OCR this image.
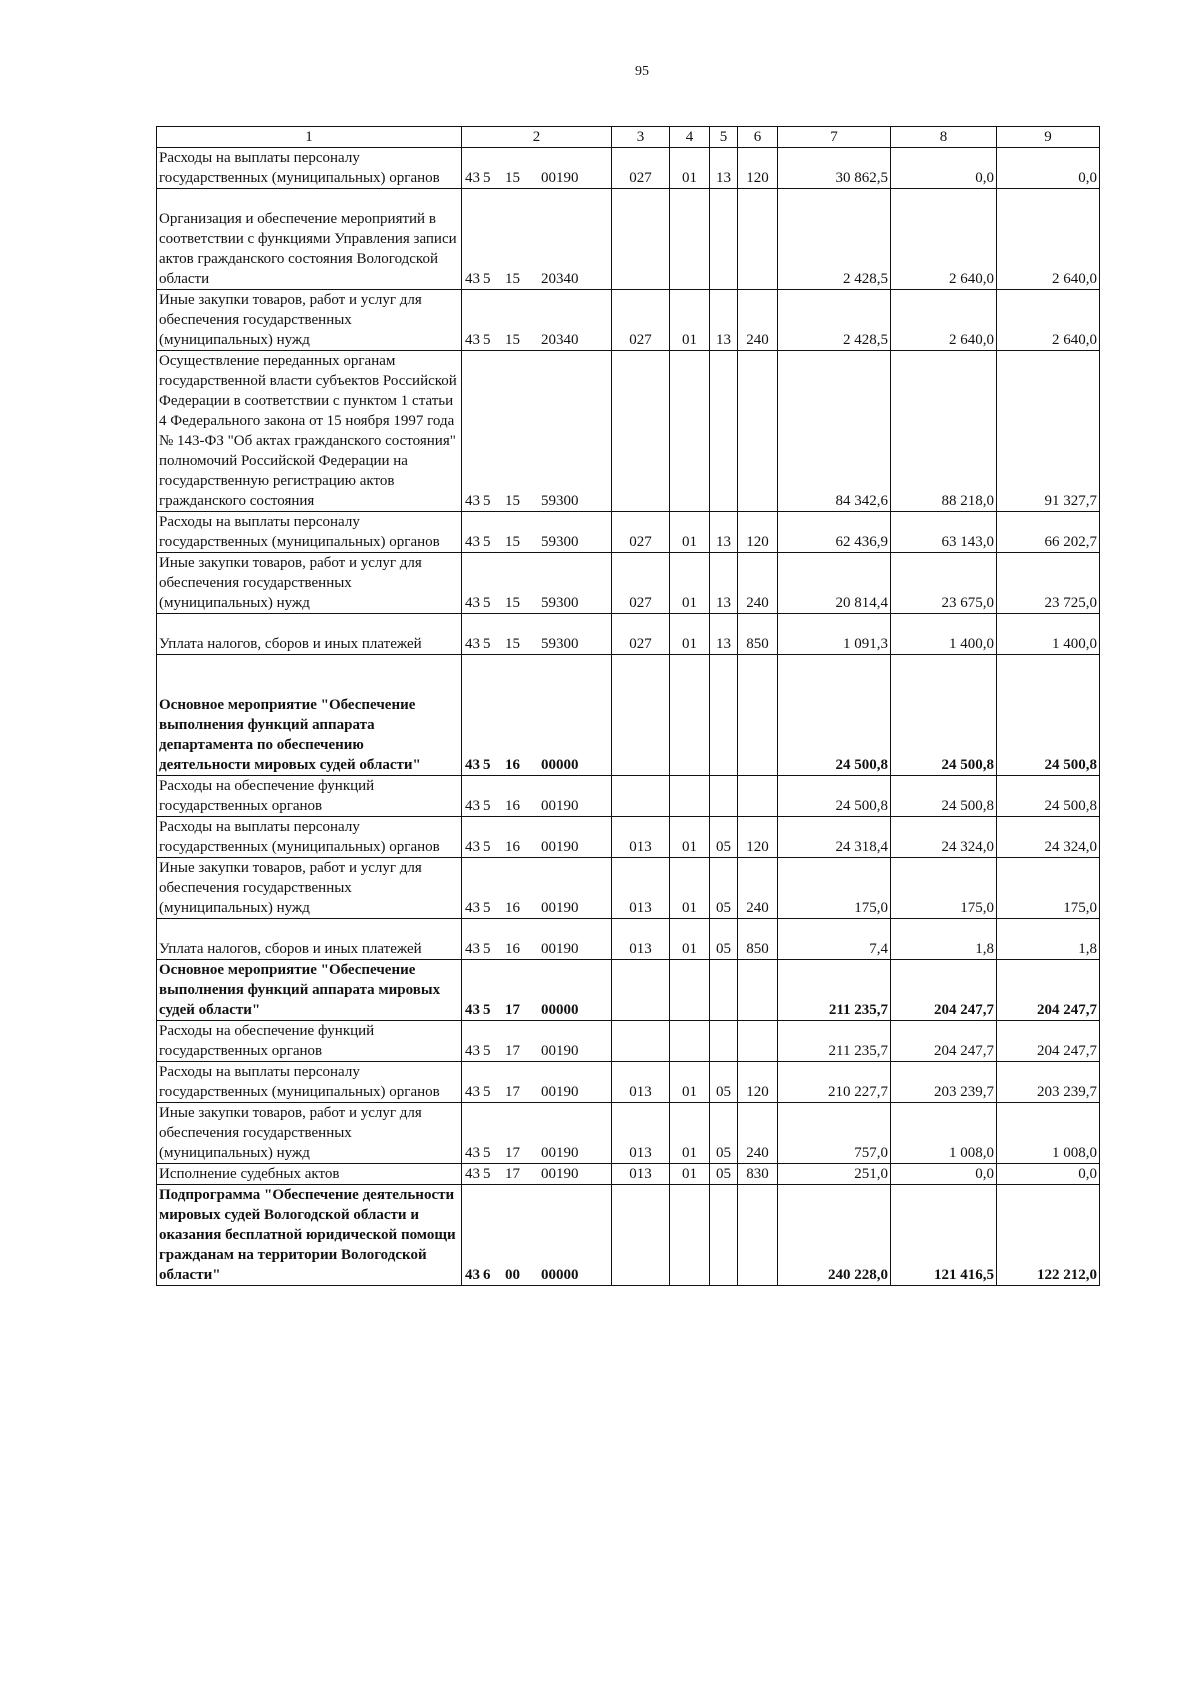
95
1	2	3	4	5	6	7	8	9
Расходы на выплаты персоналу государственных (муниципальных) органов	43 5 15 00190	027	01	13	120	30 862,5	0,0	0,0
Организация и обеспечение мероприятий в соответствии с функциями Управления записи актов гражданского состояния Вологодской области	43 5 15 20340					2 428,5	2 640,0	2 640,0
Иные закупки товаров, работ и услуг для обеспечения государственных (муниципальных) нужд	43 5 15 20340	027	01	13	240	2 428,5	2 640,0	2 640,0
Осуществление переданных органам государственной власти субъектов Российской Федерации в соответствии с пунктом 1 статьи 4 Федерального закона от 15 ноября 1997 года № 143-ФЗ "Об актах гражданского состояния" полномочий Российской Федерации на государственную регистрацию актов гражданского состояния	43 5 15 59300					84 342,6	88 218,0	91 327,7
Расходы на выплаты персоналу государственных (муниципальных) органов	43 5 15 59300	027	01	13	120	62 436,9	63 143,0	66 202,7
Иные закупки товаров, работ и услуг для обеспечения государственных (муниципальных) нужд	43 5 15 59300	027	01	13	240	20 814,4	23 675,0	23 725,0
Уплата налогов, сборов и иных платежей	43 5 15 59300	027	01	13	850	1 091,3	1 400,0	1 400,0
Основное мероприятие "Обеспечение выполнения функций аппарата департамента по обеспечению деятельности мировых судей области"	43 5 16 00000					24 500,8	24 500,8	24 500,8
Расходы на обеспечение функций государственных органов	43 5 16 00190					24 500,8	24 500,8	24 500,8
Расходы на выплаты персоналу государственных (муниципальных) органов	43 5 16 00190	013	01	05	120	24 318,4	24 324,0	24 324,0
Иные закупки товаров, работ и услуг для обеспечения государственных (муниципальных) нужд	43 5 16 00190	013	01	05	240	175,0	175,0	175,0
Уплата налогов, сборов и иных платежей	43 5 16 00190	013	01	05	850	7,4	1,8	1,8
Основное мероприятие "Обеспечение выполнения функций аппарата мировых судей области"	43 5 17 00000					211 235,7	204 247,7	204 247,7
Расходы на обеспечение функций государственных органов	43 5 17 00190					211 235,7	204 247,7	204 247,7
Расходы на выплаты персоналу государственных (муниципальных) органов	43 5 17 00190	013	01	05	120	210 227,7	203 239,7	203 239,7
Иные закупки товаров, работ и услуг для обеспечения государственных (муниципальных) нужд	43 5 17 00190	013	01	05	240	757,0	1 008,0	1 008,0
Исполнение судебных актов	43 5 17 00190	013	01	05	830	251,0	0,0	0,0
Подпрограмма "Обеспечение деятельности мировых судей Вологодской области и оказания бесплатной юридической помощи гражданам на территории Вологодской области"	43 6 00 00000					240 228,0	121 416,5	122 212,0
